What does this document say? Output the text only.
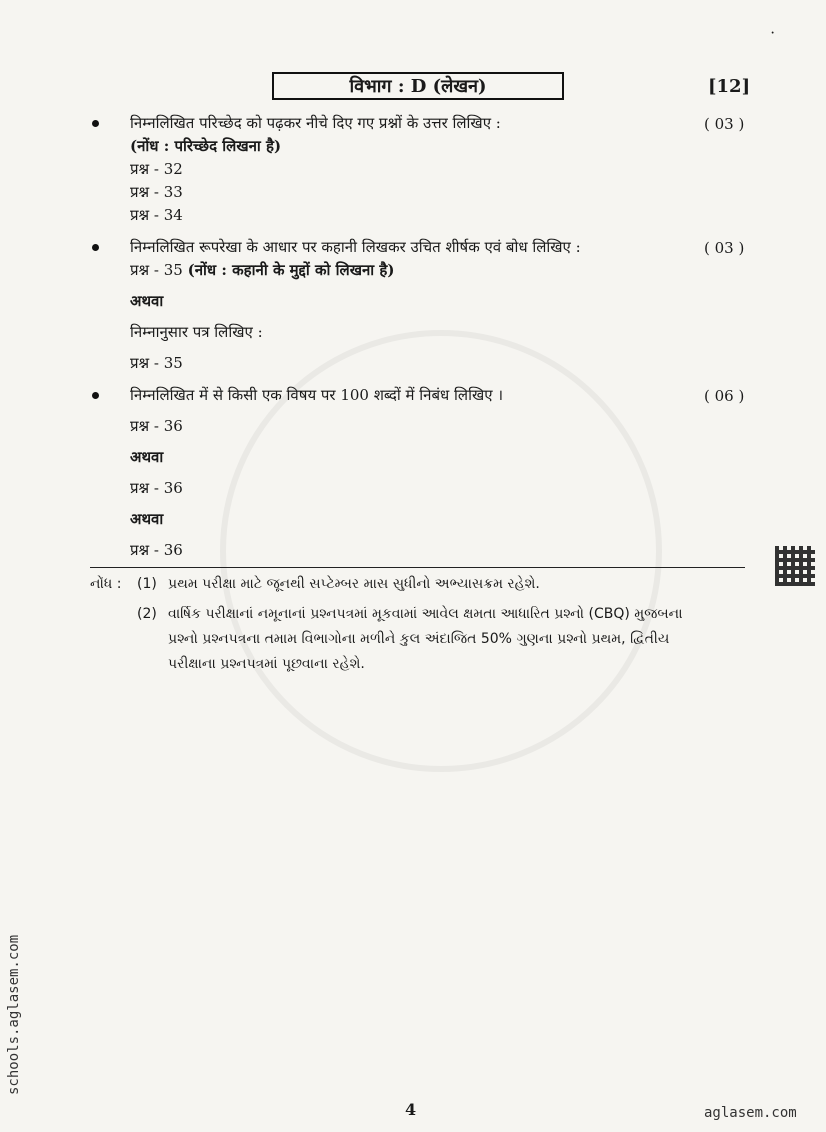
⠁
विभाग : D (लेखन)	[12]
निम्नलिखित परिच्छेद को पढ़कर नीचे दिए गए प्रश्नों के उत्तर लिखिए :	( 03 )
(नोंध : परिच्छेद लिखना है)
प्रश्न - 32
प्रश्न - 33
प्रश्न - 34
निम्नलिखित रूपरेखा के आधार पर कहानी लिखकर उचित शीर्षक एवं बोध लिखिए :	( 03 )
प्रश्न - 35 (नोंध : कहानी के मुद्दों को लिखना है)
अथवा
निम्नानुसार पत्र लिखिए :
प्रश्न - 35
निम्नलिखित में से किसी एक विषय पर 100 शब्दों में निबंध लिखिए ।	( 06 )
प्रश्न - 36
अथवा
प्रश्न - 36
अथवा
प्रश्न - 36
નોંધ : (1) પ્રથમ પરીક્ષા માટે જૂનથી સપ્ટેમ્બર માસ સુધીનો અભ્યાસક્રમ રહેશે.
(2) વાર્ષિક પરીક્ષાનાં નમૂનાનાં પ્રશ્નપત્રમાં મૂકવામાં આવેલ ક્ષમતા આધારિત પ્રશ્નો (CBQ) મુજબના
પ્રશ્નો પ્રશ્નપત્રના તમામ વિભાગોના મળીને કુલ અંદાજિત 50% ગુણના પ્રશ્નો પ્રથમ, દ્વિતીય
પરીક્ષાના પ્રશ્નપત્રમાં પૂછવાના રહેશે.
4	aglasem.com
schools.aglasem.com
